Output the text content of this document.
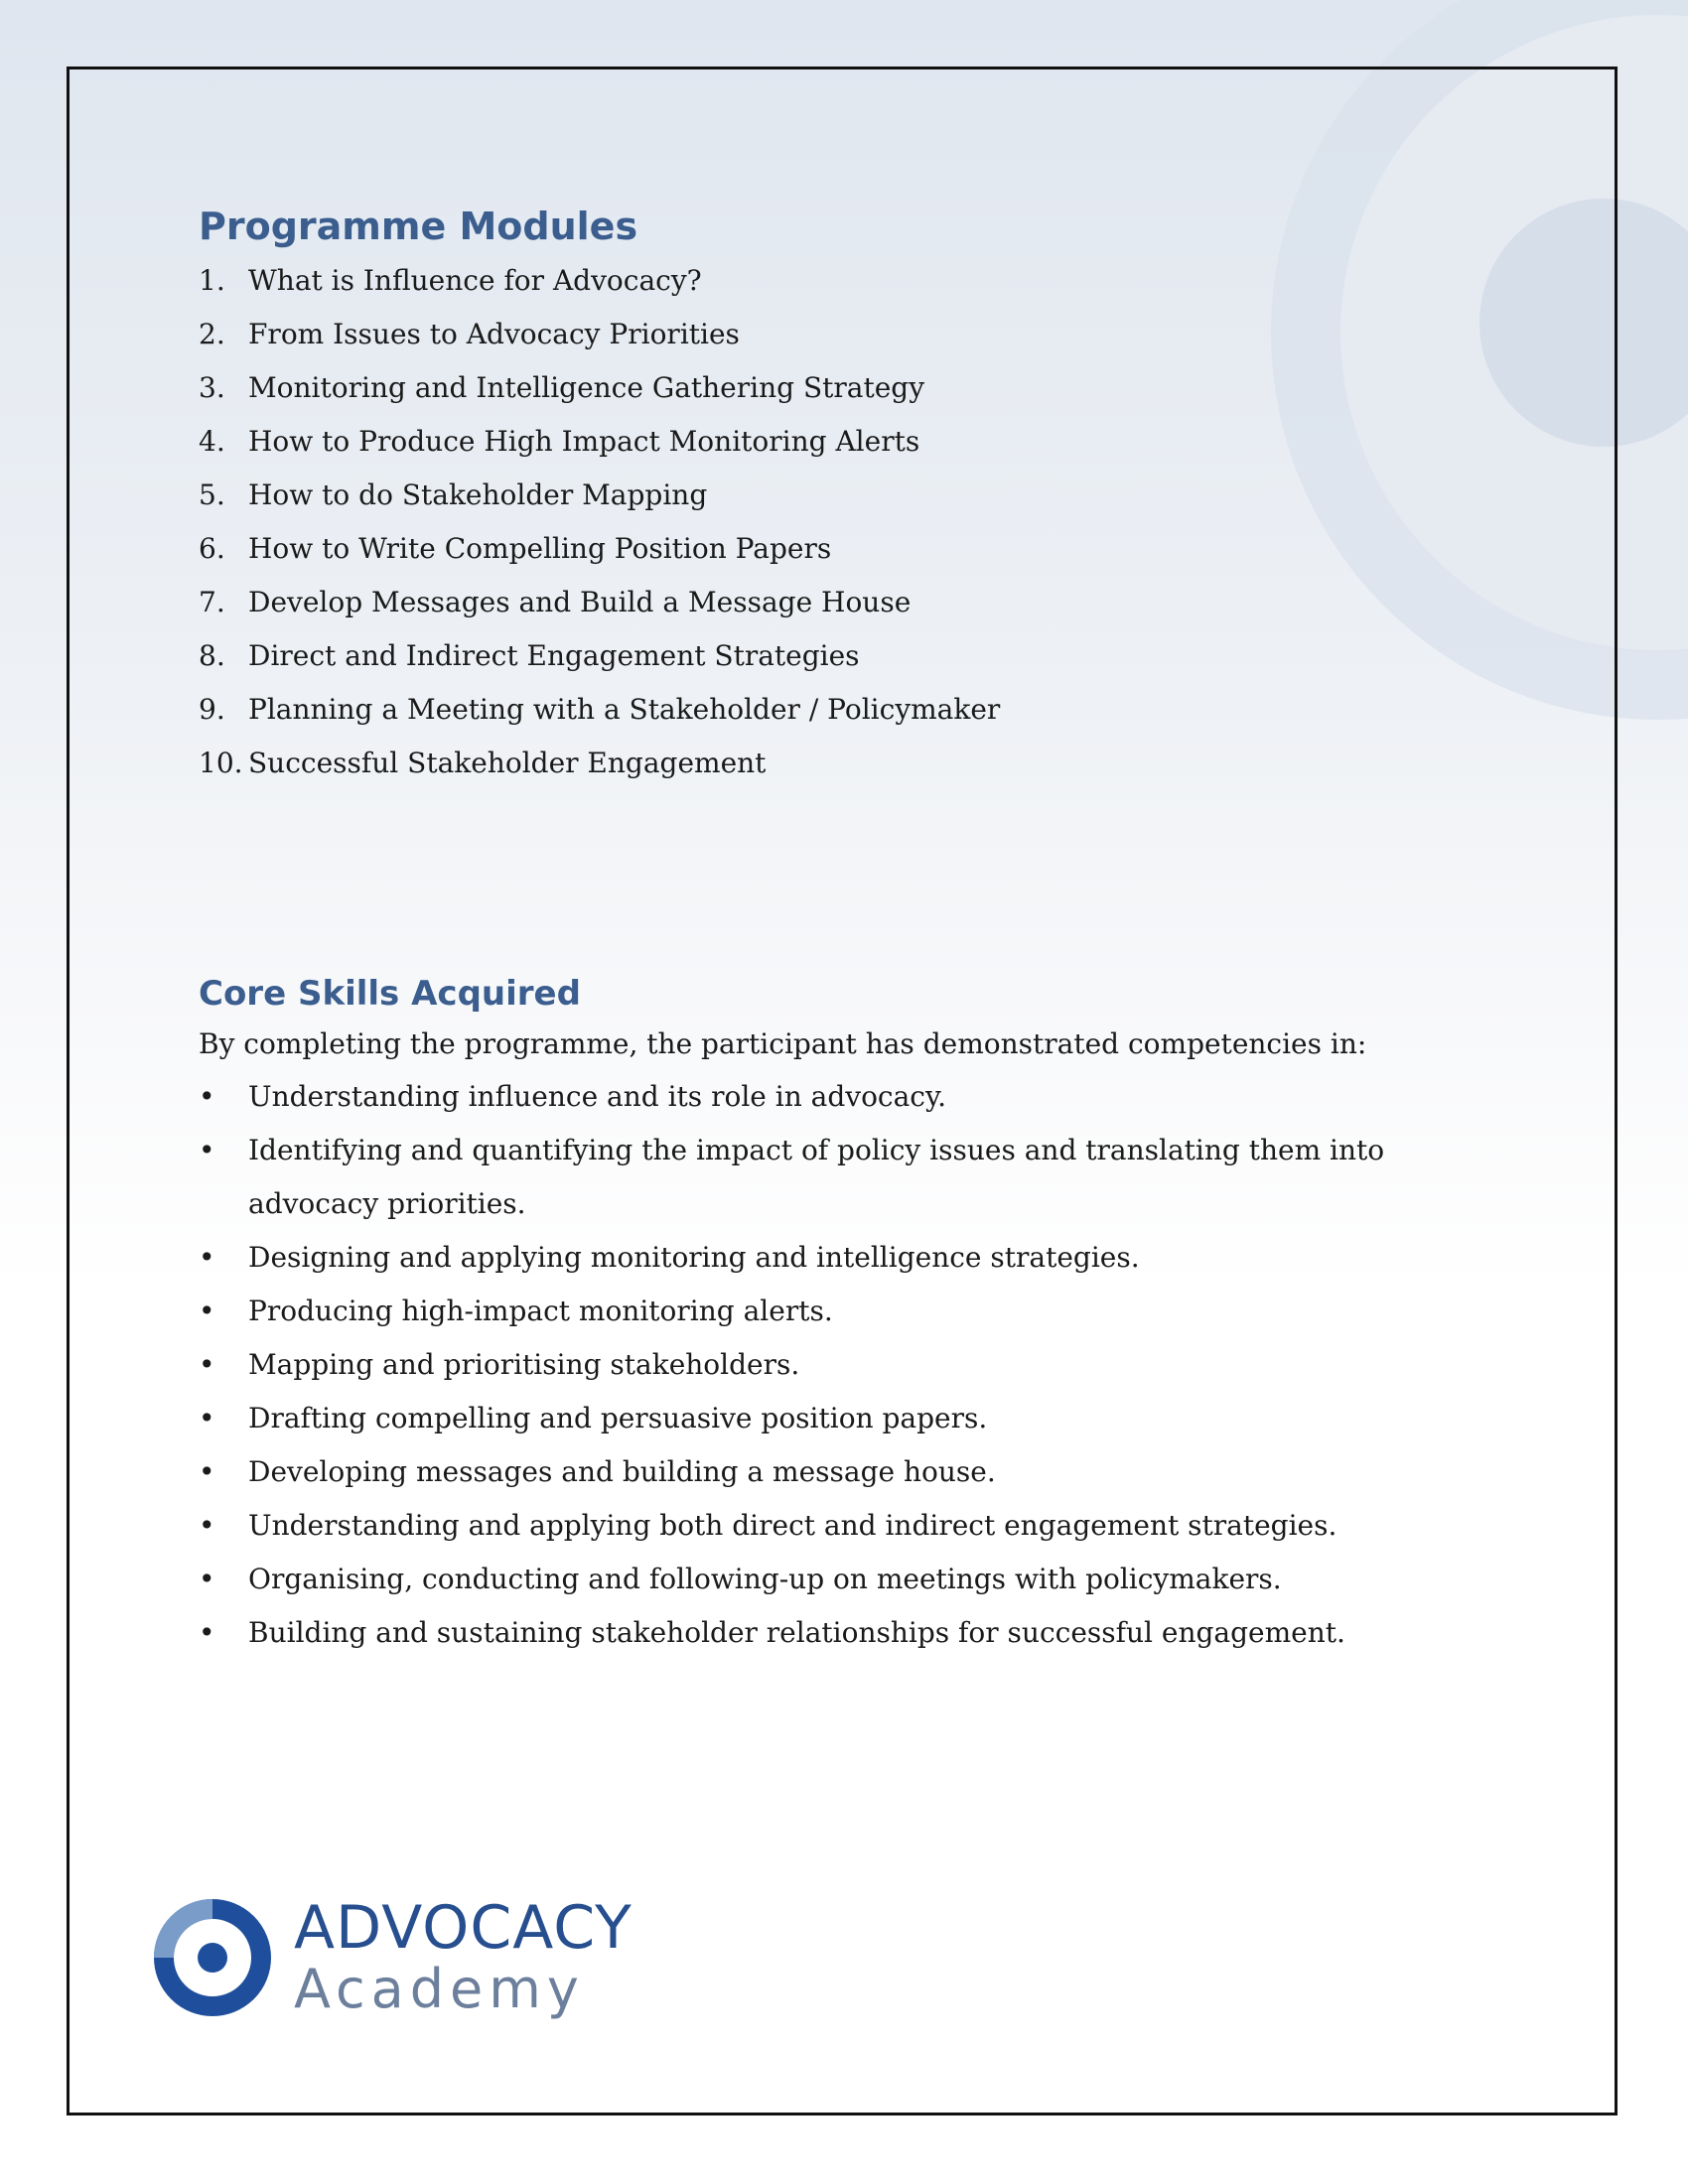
Programme Modules
1. What is Influence for Advocacy?
2. From Issues to Advocacy Priorities
3. Monitoring and Intelligence Gathering Strategy
4. How to Produce High Impact Monitoring Alerts
5. How to do Stakeholder Mapping
6. How to Write Compelling Position Papers
7. Develop Messages and Build a Message House
8. Direct and Indirect Engagement Strategies
9. Planning a Meeting with a Stakeholder / Policymaker
10. Successful Stakeholder Engagement
Core Skills Acquired

By completing the programme, the participant has demonstrated competencies in:

• Understanding influence and its role in advocacy.
• Identifying and quantifying the impact of policy issues and translating them into advocacy priorities.
• Designing and applying monitoring and intelligence strategies.
• Producing high-impact monitoring alerts.
• Mapping and prioritising stakeholders.
• Drafting compelling and persuasive position papers.
• Developing messages and building a message house.
• Understanding and applying both direct and indirect engagement strategies.
• Organising, conducting and following-up on meetings with policymakers.
• Building and sustaining stakeholder relationships for successful engagement.
ADVOCACY
Academy
